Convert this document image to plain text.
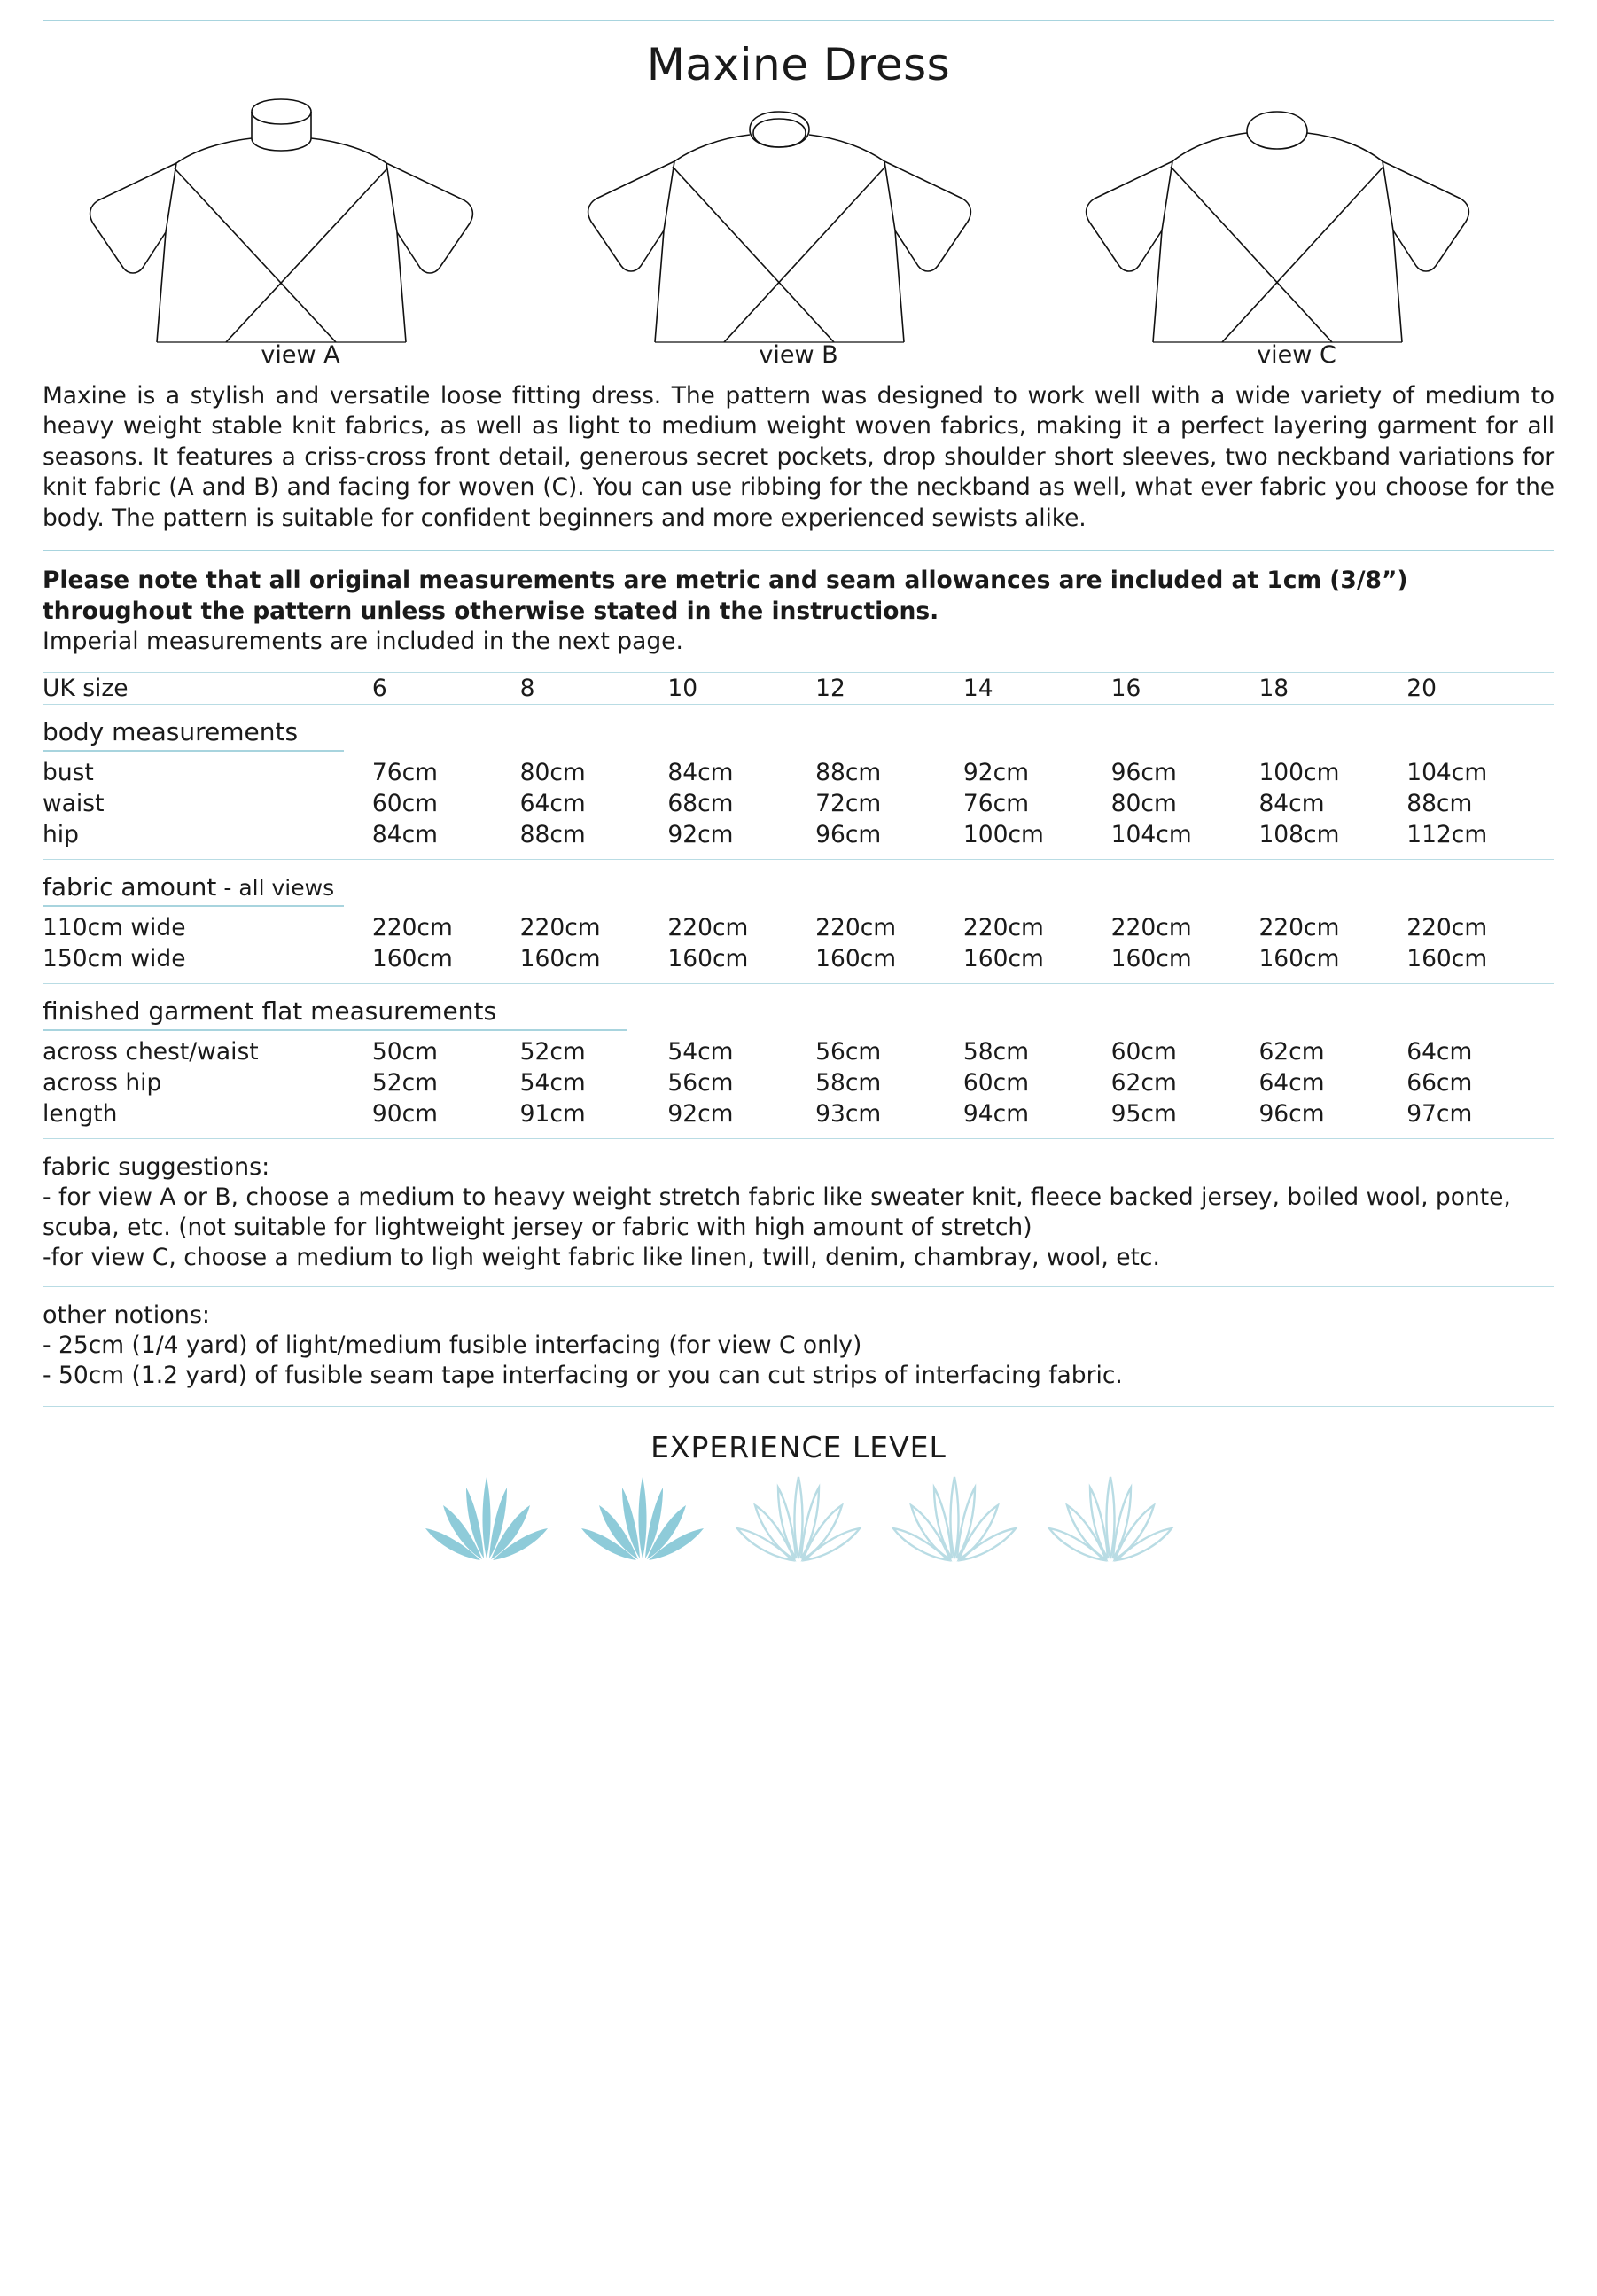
Maxine Dress
view A	view B	view C

Maxine is a stylish and versatile loose fitting dress. The pattern was designed to work well with a wide variety of medium to heavy weight stable knit fabrics, as well as light to medium weight woven fabrics, making it a perfect layering garment for all seasons. It features a criss-cross front detail, generous secret pockets, drop shoulder short sleeves, two neckband variations for knit fabric (A and B) and facing for woven (C). You can use ribbing for the neckband as well, what ever fabric you choose for the body. The pattern is suitable for confident beginners and more experienced sewists alike.

Please note that all original measurements are metric and seam allowances are included at 1cm (3/8”) throughout the pattern unless otherwise stated in the instructions.
Imperial measurements are included in the next page.
UK size	6	8	10	12	14	16	18	20
body measurements
bust	76cm	80cm	84cm	88cm	92cm	96cm	100cm	104cm
waist	60cm	64cm	68cm	72cm	76cm	80cm	84cm	88cm
hip	84cm	88cm	92cm	96cm	100cm	104cm	108cm	112cm
fabric amount - all views
110cm wide	220cm	220cm	220cm	220cm	220cm	220cm	220cm	220cm
150cm wide	160cm	160cm	160cm	160cm	160cm	160cm	160cm	160cm
finished garment flat measurements
across chest/waist	50cm	52cm	54cm	56cm	58cm	60cm	62cm	64cm
across hip	52cm	54cm	56cm	58cm	60cm	62cm	64cm	66cm
length	90cm	91cm	92cm	93cm	94cm	95cm	96cm	97cm
fabric suggestions:
- for view A or B, choose a medium to heavy weight stretch fabric like sweater knit, fleece backed jersey, boiled wool, ponte, scuba, etc. (not suitable for lightweight jersey or fabric with high amount of stretch)
-for view C, choose a medium to ligh weight fabric like linen, twill, denim, chambray, wool, etc.
other notions:
- 25cm (1/4 yard) of light/medium fusible interfacing (for view C only)
- 50cm (1.2 yard) of fusible seam tape interfacing or you can cut strips of interfacing fabric.
EXPERIENCE LEVEL
